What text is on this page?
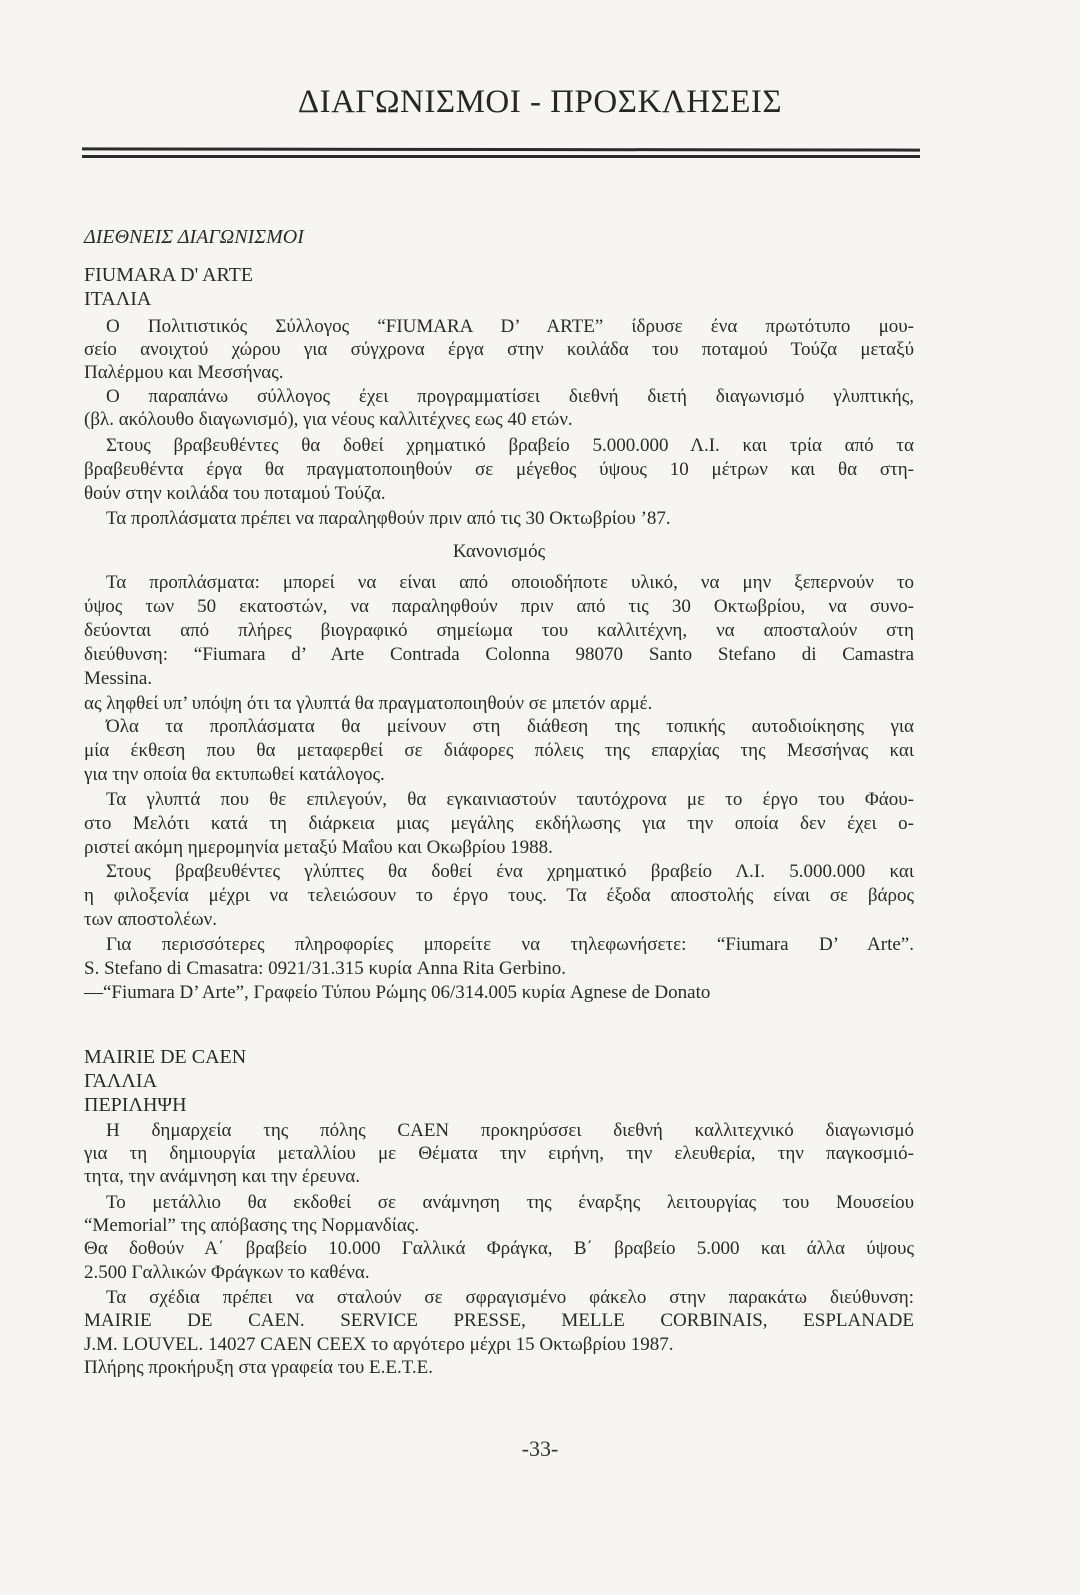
ΔΙΑΓΩΝΙΣΜΟΙ - ΠΡΟΣΚΛΗΣΕΙΣ
ΔΙΕΘΝΕΙΣ ΔΙΑΓΩΝΙΣΜΟΙ
FIUMARA D' ARTE
ΙΤΑΛΙΑ
Ο Πολιτιστικός Σύλλογος “FIUMARA D’ ARTE” ίδρυσε ένα πρωτότυπο μου-
σείο ανοιχτού χώρου για σύγχρονα έργα στην κοιλάδα του ποταμού Τούζα μεταξύ
Παλέρμου και Μεσσήνας.
Ο παραπάνω σύλλογος έχει προγραμματίσει διεθνή διετή διαγωνισμό γλυπτικής,
(βλ. ακόλουθο διαγωνισμό), για νέους καλλιτέχνες εως 40 ετών.
Στους βραβευθέντες θα δοθεί χρηματικό βραβείο 5.000.000 Λ.Ι. και τρία από τα
βραβευθέντα έργα θα πραγματοποιηθούν σε μέγεθος ύψους 10 μέτρων και θα στη-
θούν στην κοιλάδα του ποταμού Τούζα.
Τα προπλάσματα πρέπει να παραληφθούν πριν από τις 30 Οκτωβρίου ’87.
Κανονισμός
Τα προπλάσματα: μπορεί να είναι από οποιοδήποτε υλικό, να μην ξεπερνούν το
ύψος των 50 εκατοστών, να παραληφθούν πριν από τις 30 Οκτωβρίου, να συνο-
δεύονται από πλήρες βιογραφικό σημείωμα του καλλιτέχνη, να αποσταλούν στη
διεύθυνση: “Fiumara d’ Arte Contrada Colonna 98070 Santo Stefano di Camastra
Messina.
ας ληφθεί υπ’ υπόψη ότι τα γλυπτά θα πραγματοποιηθούν σε μπετόν αρμέ.
Όλα τα προπλάσματα θα μείνουν στη διάθεση της τοπικής αυτοδιοίκησης για
μία έκθεση που θα μεταφερθεί σε διάφορες πόλεις της επαρχίας της Μεσσήνας και
για την οποία θα εκτυπωθεί κατάλογος.
Τα γλυπτά που θε επιλεγούν, θα εγκαινιαστούν ταυτόχρονα με το έργο του Φάου-
στο Μελότι κατά τη διάρκεια μιας μεγάλης εκδήλωσης για την οποία δεν έχει ο-
ριστεί ακόμη ημερομηνία μεταξύ Μαΐου και Οκωβρίου 1988.
Στους βραβευθέντες γλύπτες θα δοθεί ένα χρηματικό βραβείο Λ.Ι. 5.000.000 και
η φιλοξενία μέχρι να τελειώσουν το έργο τους. Τα έξοδα αποστολής είναι σε βάρος
των αποστολέων.
Για περισσότερες πληροφορίες μπορείτε να τηλεφωνήσετε: “Fiumara D’ Arte”.
S. Stefano di Cmasatra: 0921/31.315 κυρία Anna Rita Gerbino.
—“Fiumara D’ Arte”, Γραφείο Τύπου Ρώμης 06/314.005 κυρία Agnese de Donato
MAIRIE DE CAEN
ΓΑΛΛΙΑ
ΠΕΡΙΛΗΨΗ
Η δημαρχεία της πόλης CAEN προκηρύσσει διεθνή καλλιτεχνικό διαγωνισμό
για τη δημιουργία μεταλλίου με Θέματα την ειρήνη, την ελευθερία, την παγκοσμιό-
τητα, την ανάμνηση και την έρευνα.
Το μετάλλιο θα εκδοθεί σε ανάμνηση της έναρξης λειτουργίας του Μουσείου
“Memorial” της απόβασης της Νορμανδίας.
Θα δοθούν Α΄ βραβείο 10.000 Γαλλικά Φράγκα, Β΄ βραβείο 5.000 και άλλα ύψους
2.500 Γαλλικών Φράγκων το καθένα.
Τα σχέδια πρέπει να σταλούν σε σφραγισμένο φάκελο στην παρακάτω διεύθυνση:
MAIRIE DE CAEN. SERVICE PRESSE, MELLE CORBINAIS, ESPLANADE
J.M. LOUVEL. 14027 CAEN CEEX το αργότερο μέχρι 15 Οκτωβρίου 1987.
Πλήρης προκήρυξη στα γραφεία του Ε.Ε.Τ.Ε.
-33-
